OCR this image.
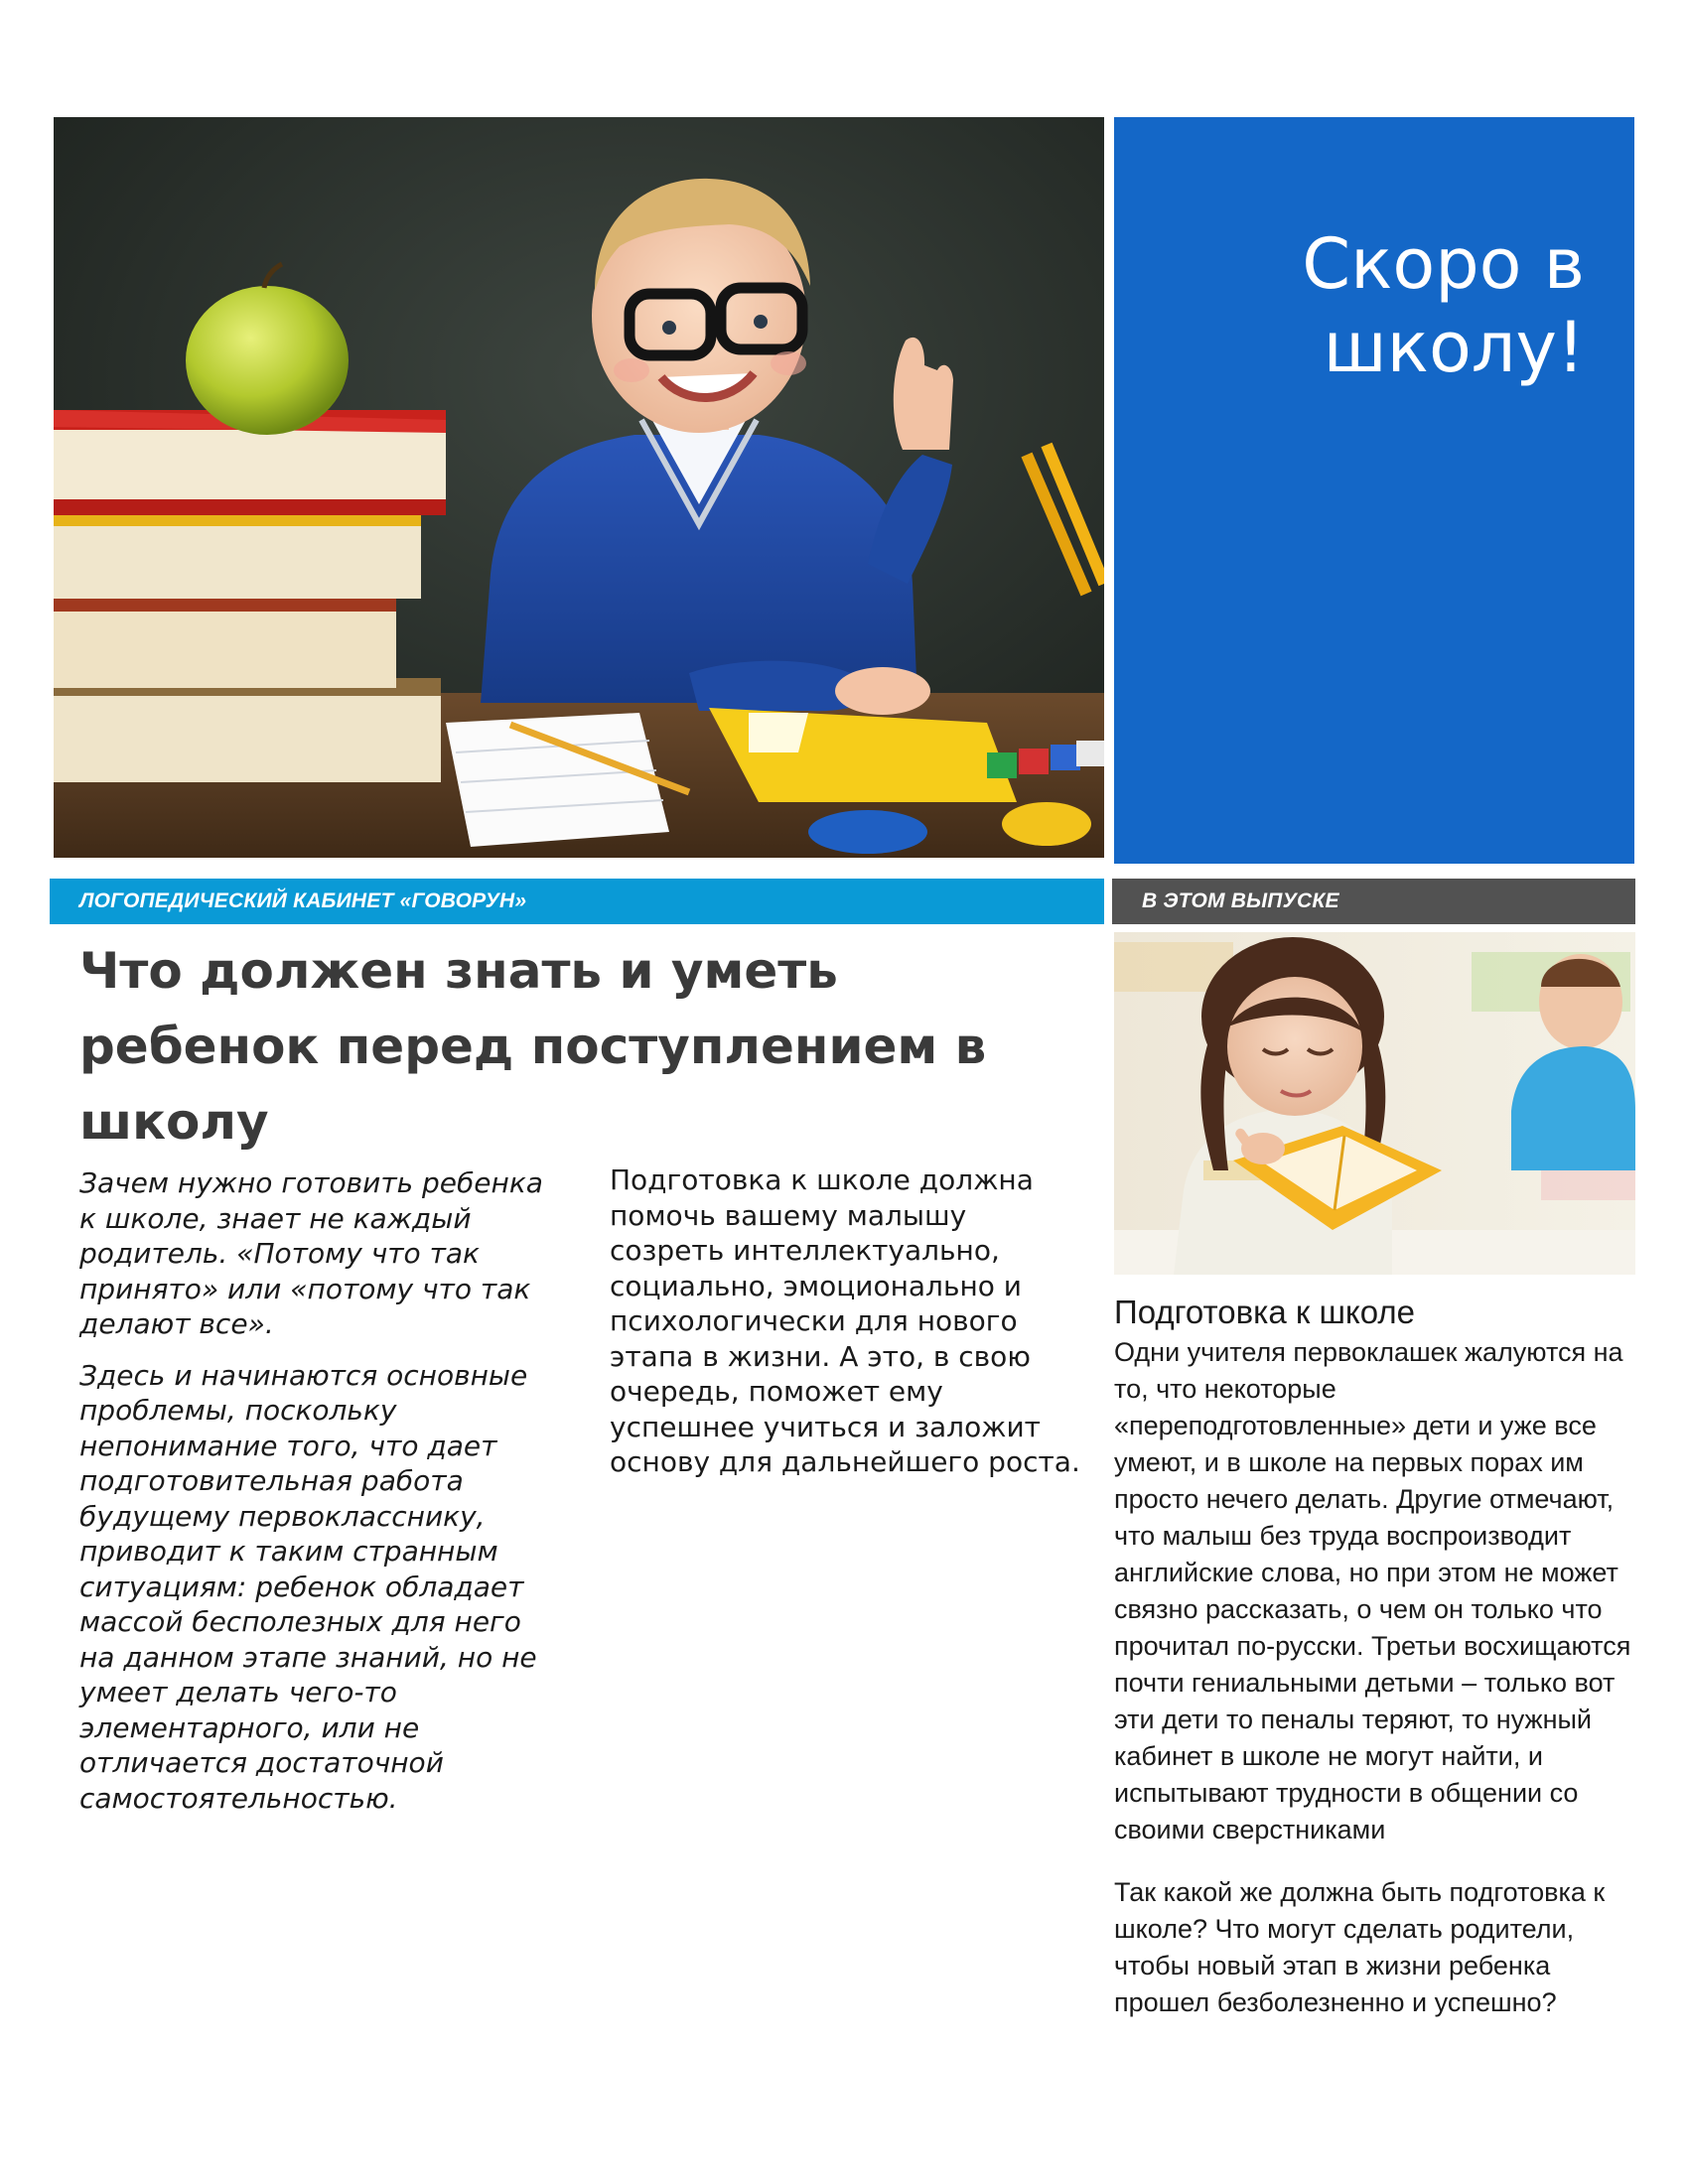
Скоро в школу!
ЛОГОПЕДИЧЕСКИЙ КАБИНЕТ «ГОВОРУН»	В ЭТОМ ВЫПУСКЕ
Что должен знать и уметь ребенок перед поступлением в школу

Зачем нужно готовить ребенка к школе, знает не каждый родитель. «Потому что так принято» или «потому что так делают все».

Здесь и начинаются основные проблемы, поскольку непонимание того, что дает подготовительная работа будущему первокласснику, приводит к таким странным ситуациям: ребенок обладает массой бесполезных для него на данном этапе знаний, но не умеет делать чего-то элементарного, или не отличается достаточной самостоятельностью.

Подготовка к школе должна помочь вашему малышу созреть интеллектуально, социально, эмоционально и психологически для нового этапа в жизни. А это, в свою очередь, поможет ему успешнее учиться и заложит основу для дальнейшего роста.

Подготовка к школе

Одни учителя первоклашек жалуются на то, что некоторые «переподготовленные» дети и уже все умеют, и в школе на первых порах им просто нечего делать. Другие отмечают, что малыш без труда воспроизводит английские слова, но при этом не может связно рассказать, о чем он только что прочитал по-русски. Третьи восхищаются почти гениальными детьми – только вот эти дети то пеналы теряют, то нужный кабинет в школе не могут найти, и испытывают трудности в общении со своими сверстниками

Так какой же должна быть подготовка к школе? Что могут сделать родители, чтобы новый этап в жизни ребенка прошел безболезненно и успешно?
